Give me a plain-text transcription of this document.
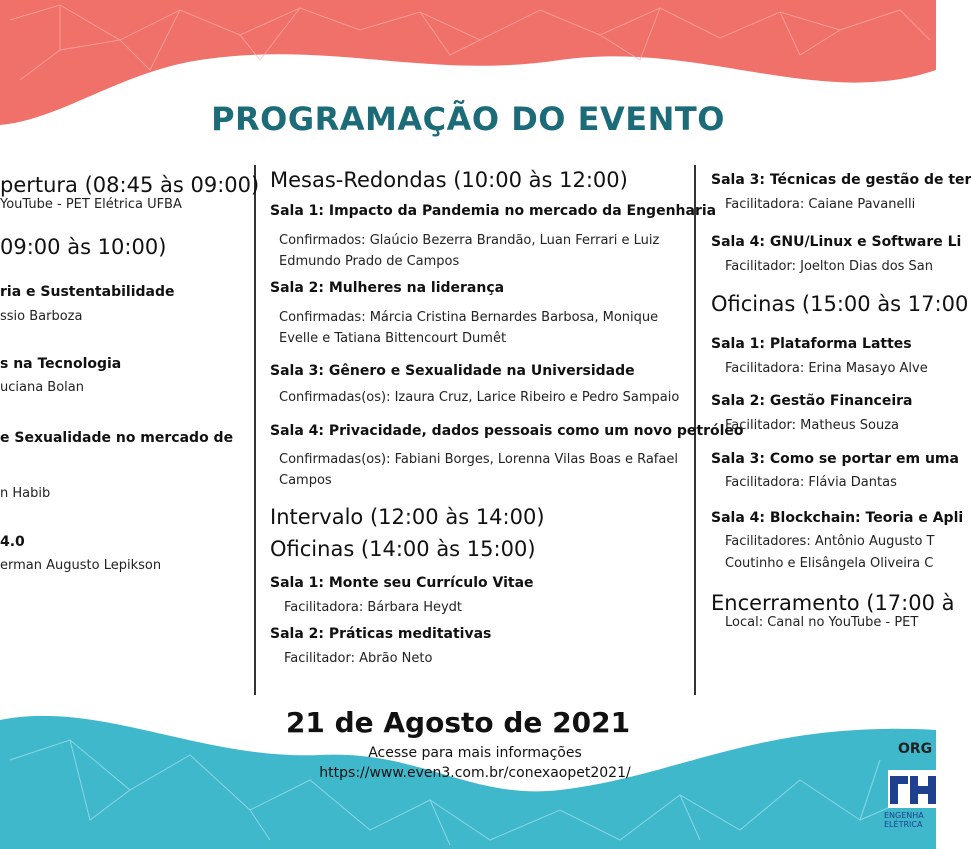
PROGRAMAÇÃO DO EVENTO
pertura (08:45 às 09:00)
YouTube - PET Elétrica UFBA
09:00 às 10:00)
ria e Sustentabilidade
ssio Barboza
s na Tecnologia
uciana Bolan
e Sexualidade no mercado de
n Habib
4.0
erman Augusto Lepikson
Mesas-Redondas (10:00 às 12:00)
Sala 1: Impacto da Pandemia no mercado da Engenharia
Confirmados: Glaúcio Bezerra Brandão, Luan Ferrari e Luiz Edmundo Prado de Campos
Sala 2: Mulheres na liderança
Confirmadas: Márcia Cristina Bernardes Barbosa, Monique Evelle e Tatiana Bittencourt Dumêt
Sala 3: Gênero e Sexualidade na Universidade
Confirmadas(os): Izaura Cruz, Larice Ribeiro e Pedro Sampaio
Sala 4: Privacidade, dados pessoais como um novo petróleo
Confirmadas(os): Fabiani Borges, Lorenna Vilas Boas e Rafael Campos
Intervalo (12:00 às 14:00)
Oficinas (14:00 às 15:00)
Sala 1: Monte seu Currículo Vitae
Facilitadora: Bárbara Heydt
Sala 2: Práticas meditativas
Facilitador: Abrão Neto
Sala 3: Técnicas de gestão de ter
Facilitadora: Caiane Pavanelli
Sala 4: GNU/Linux e Software Li
Facilitador: Joelton Dias dos San
Oficinas (15:00 às 17:00
Sala 1: Plataforma Lattes
Facilitadora: Erina Masayo Alve
Sala 2: Gestão Financeira
Facilitador: Matheus Souza
Sala 3: Como se portar em uma
Facilitadora: Flávia Dantas
Sala 4: Blockchain: Teoria e Apli
Facilitadores: Antônio Augusto T
Coutinho e Elisângela Oliveira C
Encerramento (17:00 à
Local: Canal no YouTube - PET
21 de Agosto de 2021
Acesse para mais informações
https://www.even3.com.br/conexaopet2021/
ORG
ENGENHA ELÉTRICA
